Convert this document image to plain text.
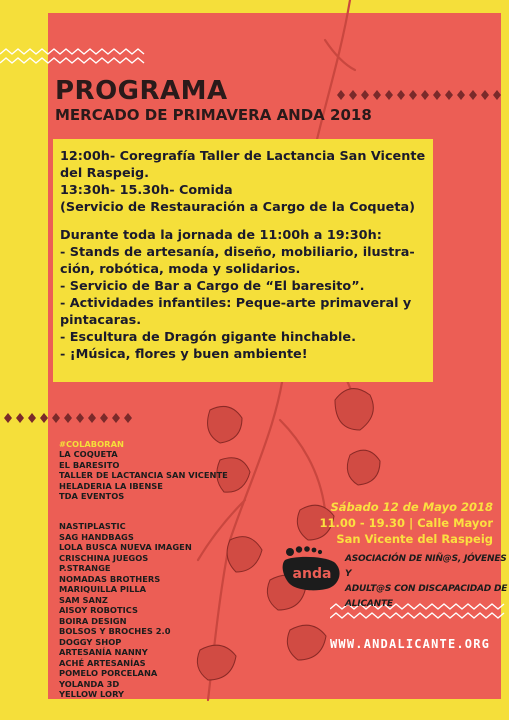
PROGRAMA
MERCADO DE PRIMAVERA ANDA 2018
12:00h- Coregrafía Taller de Lactancia San Vicente
del Raspeig.
13:30h- 15.30h- Comida
(Servicio de Restauración a Cargo de la Coqueta)
Durante toda la jornada de 11:00h a 19:30h:
- Stands de artesanía, diseño, mobiliario, ilustra-
ción, robótica, moda y solidarios.
- Servicio de Bar a Cargo de “El baresito”.
- Actividades infantiles: Peque-arte primaveral y
pintacaras.
- Escultura de Dragón gigante hinchable.
- ¡Música, flores y buen ambiente!
#COLABORAN
LA COQUETA
EL BARESITO
TALLER DE LACTANCIA SAN VICENTE
HELADERIA LA IBENSE
TDA EVENTOS
NASTIPLASTIC
SAG HANDBAGS
LOLA BUSCA NUEVA IMAGEN
CRISCHINA JUEGOS
P.STRANGE
NOMADAS BROTHERS
MARIQUILLA PILLA
SAM SANZ
AISOY ROBOTICS
BOIRA DESIGN
BOLSOS Y BROCHES 2.0
DOGGY SHOP
ARTESANÍA NANNY
ACHÉ ARTESANÍAS
POMELO PORCELANA
YOLANDA 3D
YELLOW LORY
Sábado 12 de Mayo 2018
11.00 - 19.30 | Calle Mayor
San Vicente del Raspeig
anda
ASOCIACIÓN DE NIÑ@S, JÓVENES Y
ADULT@S CON DISCAPACIDAD DE ALICANTE
WWW.ANDALICANTE.ORG
